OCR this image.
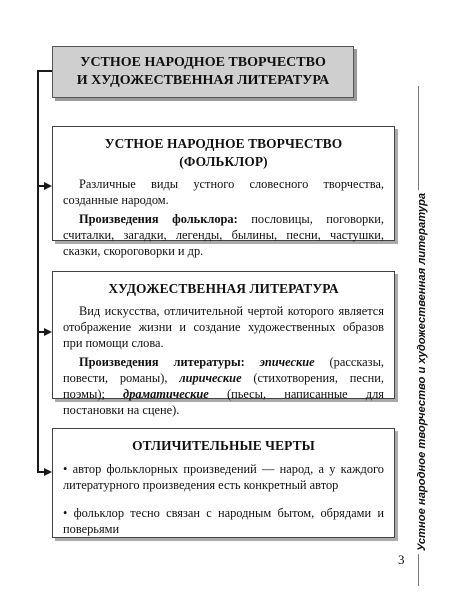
УСТНОЕ НАРОДНОЕ ТВОРЧЕСТВО
И ХУДОЖЕСТВЕННАЯ ЛИТЕРАТУРА
УСТНОЕ НАРОДНОЕ ТВОРЧЕСТВО (ФОЛЬКЛОР)

Различные виды устного словесного творчества, созданные народом.

Произведения фольклора: пословицы, поговорки, считалки, загадки, легенды, былины, песни, частушки, сказки, скороговорки и др.

ХУДОЖЕСТВЕННАЯ ЛИТЕРАТУРА

Вид искусства, отличительной чертой которого является отображение жизни и создание художественных образов при помощи слова.

Произведения литературы: эпические (рассказы, повести, романы), лирические (стихотворения, песни, поэмы); драматические (пьесы, написанные для постановки на сцене).

ОТЛИЧИТЕЛЬНЫЕ ЧЕРТЫ

• автор фольклорных произведений — народ, а у каждого литературного произведения есть конкретный автор

• фольклор тесно связан с народным бытом, обрядами и поверьями	Устное народное творчество и художественная литература
3
